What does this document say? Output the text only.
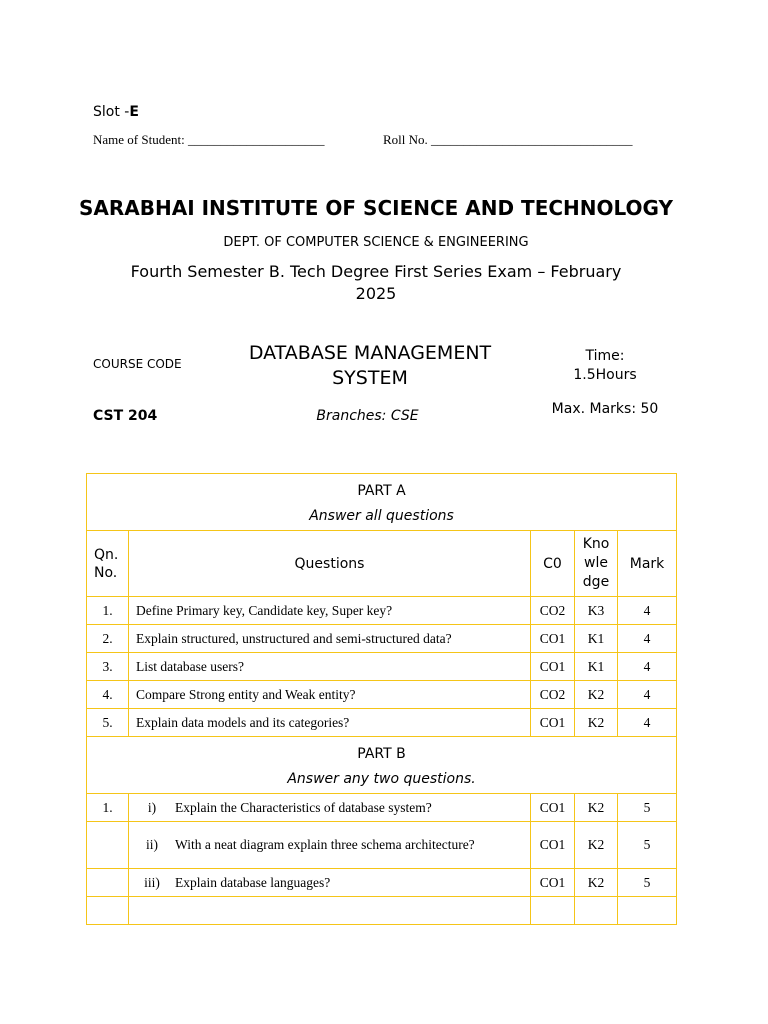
Slot -E
Name of Student: _____________________	Roll No. _______________________________
SARABHAI INSTITUTE OF SCIENCE AND TECHNOLOGY
DEPT. OF COMPUTER SCIENCE & ENGINEERING
Fourth Semester B. Tech Degree First Series Exam – February 2025
COURSE CODE	DATABASE MANAGEMENT SYSTEM
Time: 1.5Hours
CST 204	Branches: CSE	Max. Marks: 50
PART A
Answer all questions				

Qn. No.	Questions	C0	Kno wle dge	Mark
1.	Define Primary key, Candidate key, Super key?	CO2	K3	4
2.	Explain structured, unstructured and semi-structured data?	CO1	K1	4
3.	List database users?	CO1	K1	4
4.	Compare Strong entity and Weak entity?	CO2	K2	4
5.	Explain data models and its categories?	CO1	K2	4

PART B
Answer any two questions.				

1.	i) Explain the Characteristics of database system?	CO1	K2	5

	ii) With a neat diagram explain three schema architecture?	CO1	K2	5

	iii) Explain database languages?	CO1	K2	5
